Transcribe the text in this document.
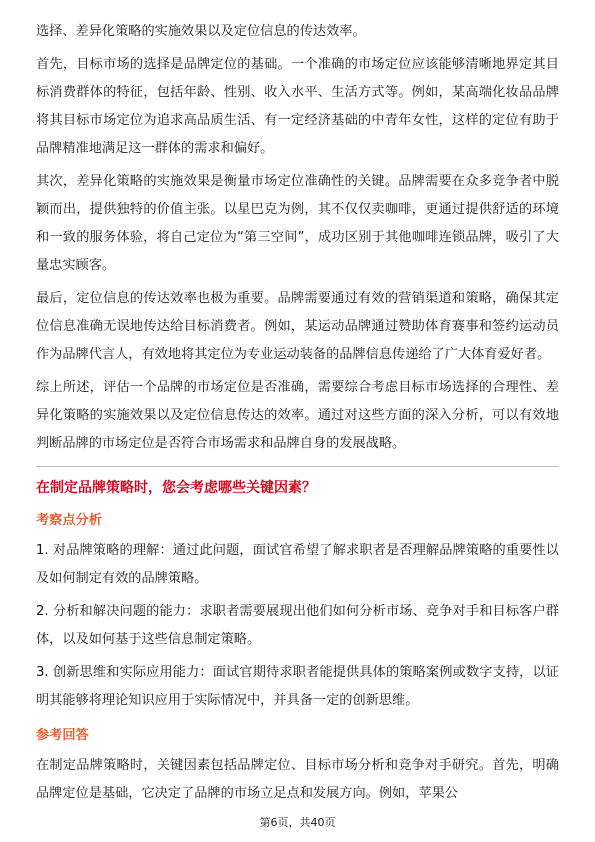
选择、差异化策略的实施效果以及定位信息的传达效率。

首先，目标市场的选择是品牌定位的基础。一个准确的市场定位应该能够清晰地界定其目标消费群体的特征，包括年龄、性别、收入水平、生活方式等。例如，某高端化妆品品牌将其目标市场定位为追求高品质生活、有一定经济基础的中青年女性，这样的定位有助于品牌精准地满足这一群体的需求和偏好。

其次，差异化策略的实施效果是衡量市场定位准确性的关键。品牌需要在众多竞争者中脱颖而出，提供独特的价值主张。以星巴克为例，其不仅仅卖咖啡，更通过提供舒适的环境和一致的服务体验，将自己定位为“第三空间”，成功区别于其他咖啡连锁品牌，吸引了大量忠实顾客。

最后，定位信息的传达效率也极为重要。品牌需要通过有效的营销渠道和策略，确保其定位信息准确无误地传达给目标消费者。例如，某运动品牌通过赞助体育赛事和签约运动员作为品牌代言人，有效地将其定位为专业运动装备的品牌信息传递给了广大体育爱好者。

综上所述，评估一个品牌的市场定位是否准确，需要综合考虑目标市场选择的合理性、差异化策略的实施效果以及定位信息传达的效率。通过对这些方面的深入分析，可以有效地判断品牌的市场定位是否符合市场需求和品牌自身的发展战略。

在制定品牌策略时，您会考虑哪些关键因素？
考察点分析

1. 对品牌策略的理解：通过此问题，面试官希望了解求职者是否理解品牌策略的重要性以及如何制定有效的品牌策略。

2. 分析和解决问题的能力：求职者需要展现出他们如何分析市场、竞争对手和目标客户群体，以及如何基于这些信息制定策略。

3. 创新思维和实际应用能力：面试官期待求职者能提供具体的策略案例或数字支持，以证明其能够将理论知识应用于实际情况中，并具备一定的创新思维。

参考回答

在制定品牌策略时，关键因素包括品牌定位、目标市场分析和竞争对手研究。首先，明确品牌定位是基础，它决定了品牌的市场立足点和发展方向。例如，苹果公

第6页，共40页
